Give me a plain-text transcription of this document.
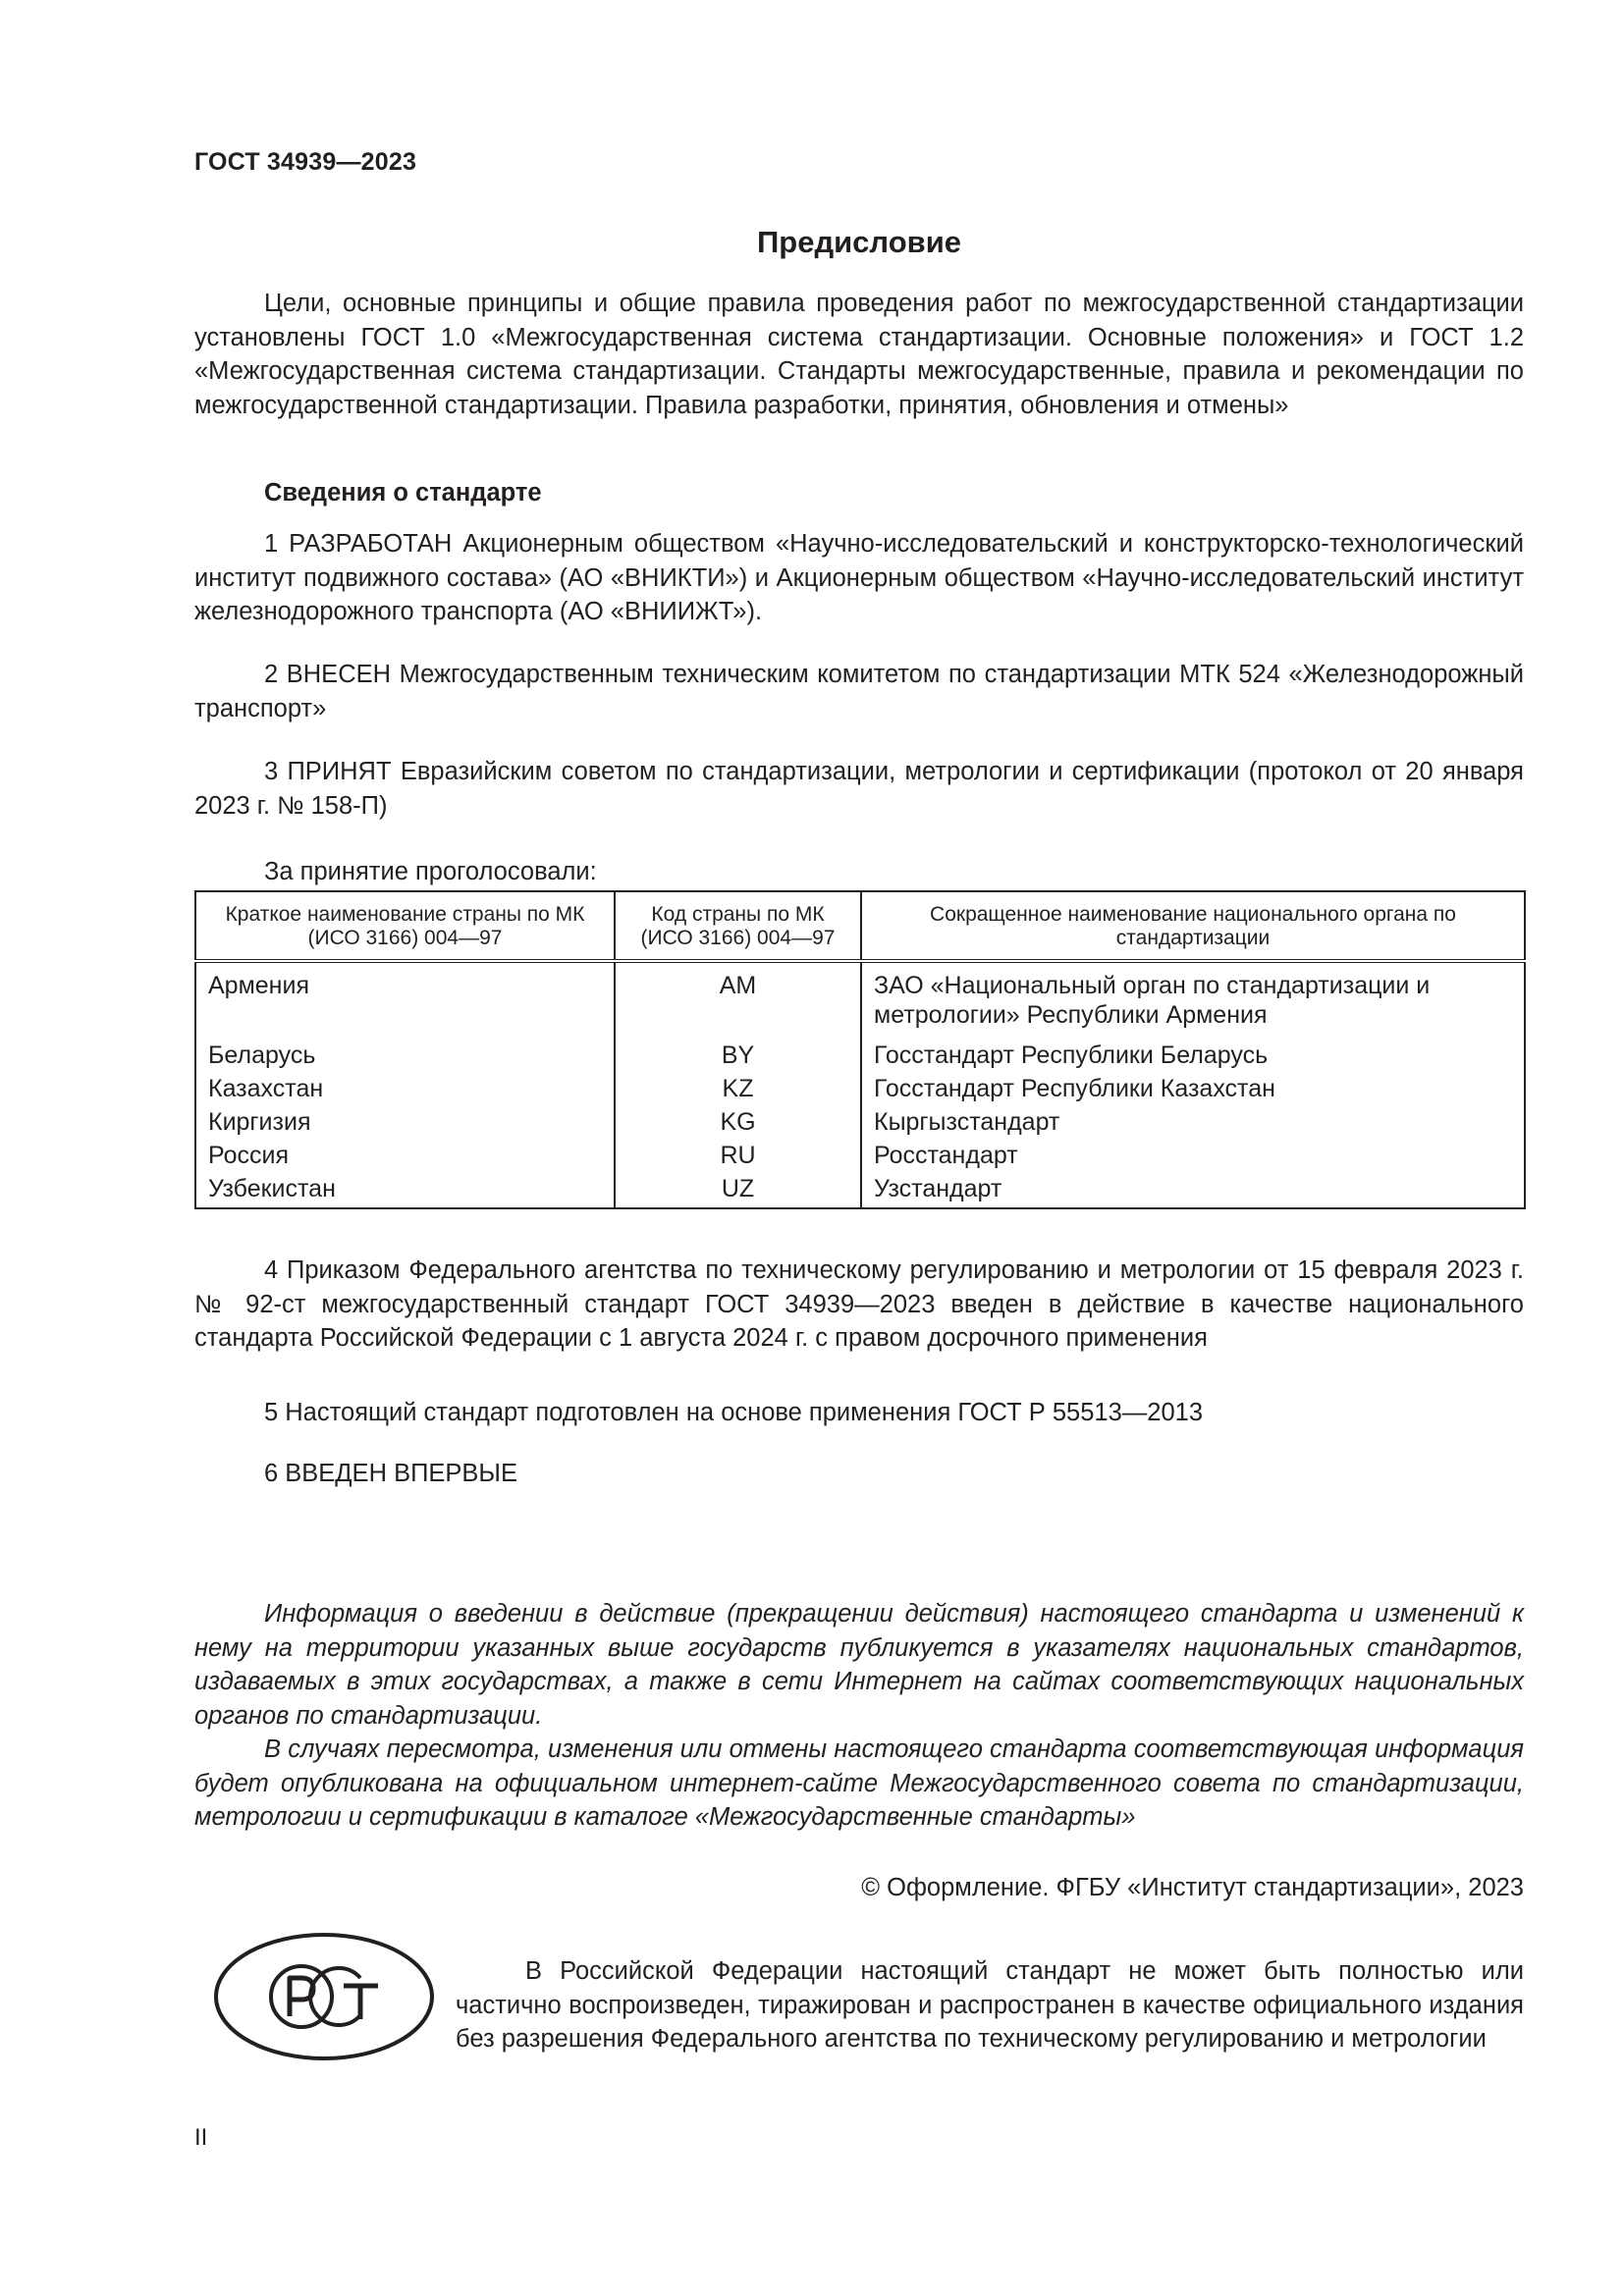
ГОСТ 34939—2023
Предисловие

Цели, основные принципы и общие правила проведения работ по межгосударственной стандартизации установлены ГОСТ 1.0 «Межгосударственная система стандартизации. Основные положения» и ГОСТ 1.2 «Межгосударственная система стандартизации. Стандарты межгосударственные, правила и рекомендации по межгосударственной стандартизации. Правила разработки, принятия, обновления и отмены»

Сведения о стандарте

1 РАЗРАБОТАН Акционерным обществом «Научно-исследовательский и конструкторско-технологический институт подвижного состава» (АО «ВНИКТИ») и Акционерным обществом «Научно-исследовательский институт железнодорожного транспорта (АО «ВНИИЖТ»).

2 ВНЕСЕН Межгосударственным техническим комитетом по стандартизации МТК 524 «Железнодорожный транспорт»

3 ПРИНЯТ Евразийским советом по стандартизации, метрологии и сертификации (протокол от 20 января 2023 г. № 158-П)

За принятие проголосовали:
Краткое наименование страны по МК (ИСО 3166) 004—97	Код страны по МК (ИСО 3166) 004—97	Сокращенное наименование национального органа по стандартизации
Армения	AM	ЗАО «Национальный орган по стандартизации и метрологии» Республики Армения
Беларусь	BY	Госстандарт Республики Беларусь
Казахстан	KZ	Госстандарт Республики Казахстан
Киргизия	KG	Кыргызстандарт
Россия	RU	Росстандарт
Узбекистан	UZ	Узстандарт

4 Приказом Федерального агентства по техническому регулированию и метрологии от 15 февраля 2023 г. № 92-ст межгосударственный стандарт ГОСТ 34939—2023 введен в действие в качестве национального стандарта Российской Федерации с 1 августа 2024 г. с правом досрочного применения

5 Настоящий стандарт подготовлен на основе применения ГОСТ Р 55513—2013
6 ВВЕДЕН ВПЕРВЫЕ

Информация о введении в действие (прекращении действия) настоящего стандарта и изменений к нему на территории указанных выше государств публикуется в указателях национальных стандартов, издаваемых в этих государствах, а также в сети Интернет на сайтах соответствующих национальных органов по стандартизации.

В случаях пересмотра, изменения или отмены настоящего стандарта соответствующая информация будет опубликована на официальном интернет-сайте Межгосударственного совета по стандартизации, метрологии и сертификации в каталоге «Межгосударственные стандарты»

© Оформление. ФГБУ «Институт стандартизации», 2023

В Российской Федерации настоящий стандарт не может быть полностью или частично воспроизведен, тиражирован и распространен в качестве официального издания без разрешения Федерального агентства по техническому регулированию и метрологии

II
